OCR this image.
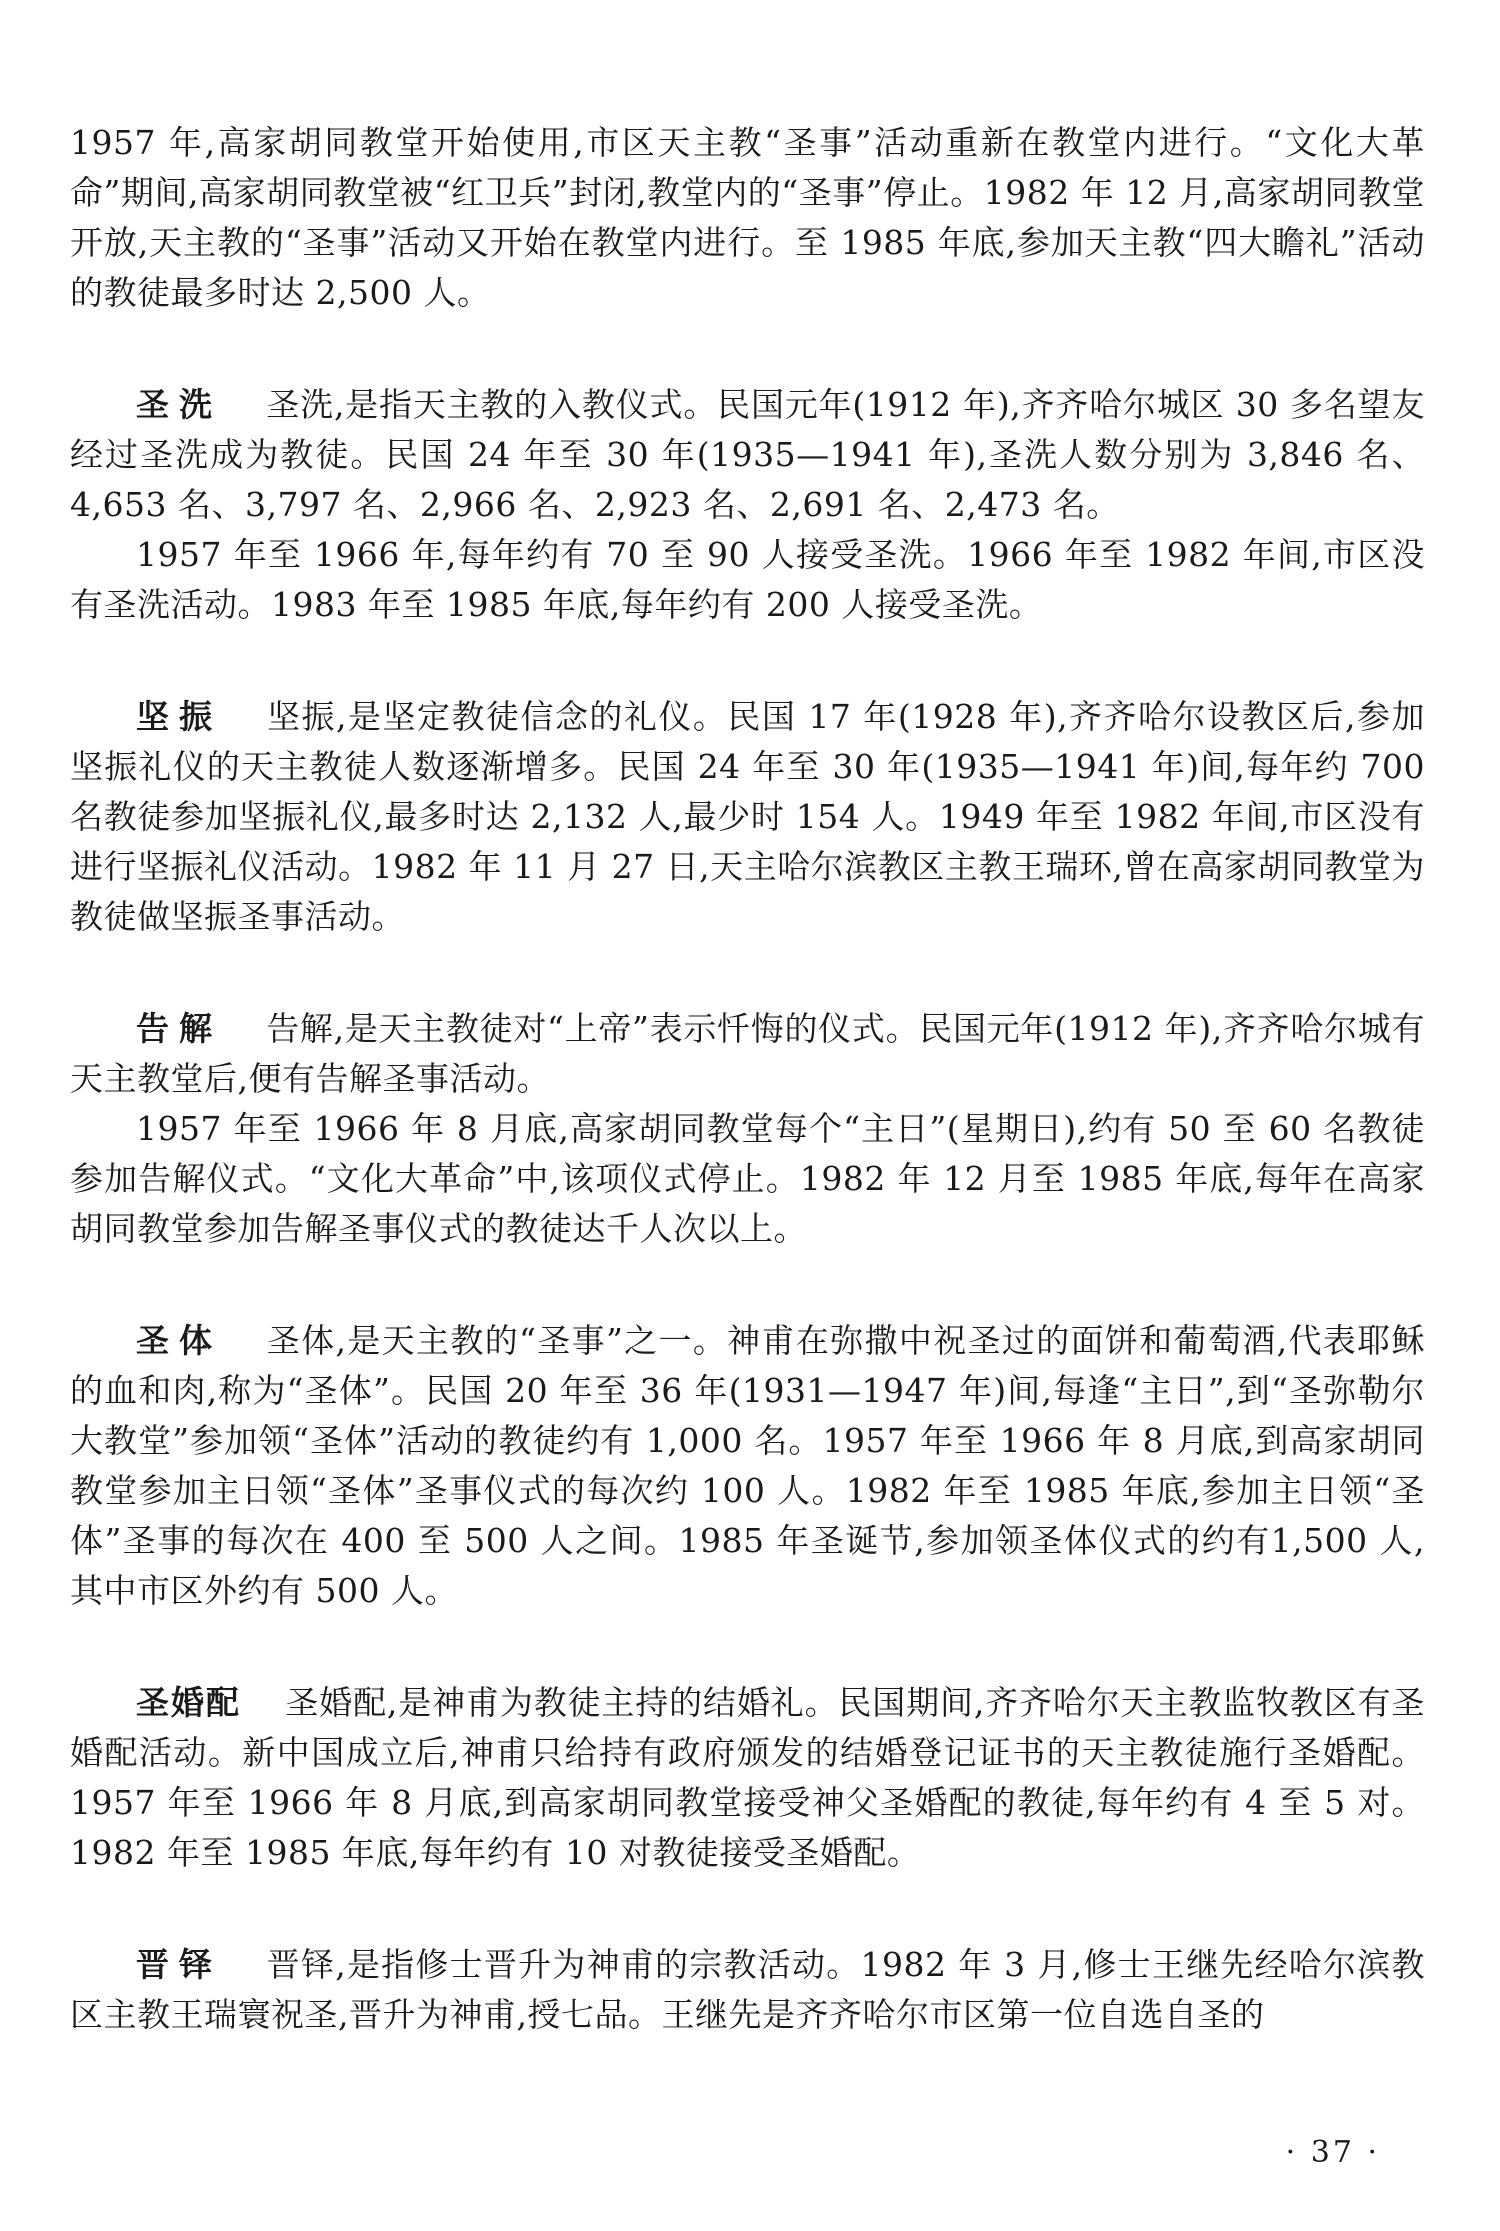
1957 年,高家胡同教堂开始使用,市区天主教“圣事”活动重新在教堂内进行。“文化大革命”期间,高家胡同教堂被“红卫兵”封闭,教堂内的“圣事”停止。1982 年 12 月,高家胡同教堂开放,天主教的“圣事”活动又开始在教堂内进行。至 1985 年底,参加天主教“四大瞻礼”活动的教徒最多时达 2,500 人。

圣洗 圣洗,是指天主教的入教仪式。民国元年(1912 年),齐齐哈尔城区 30 多名望友经过圣洗成为教徒。民国 24 年至 30 年(1935—1941 年),圣洗人数分别为 3,846 名、4,653 名、3,797 名、2,966 名、2,923 名、2,691 名、2,473 名。

1957 年至 1966 年,每年约有 70 至 90 人接受圣洗。1966 年至 1982 年间,市区没有圣洗活动。1983 年至 1985 年底,每年约有 200 人接受圣洗。

坚振 坚振,是坚定教徒信念的礼仪。民国 17 年(1928 年),齐齐哈尔设教区后,参加坚振礼仪的天主教徒人数逐渐增多。民国 24 年至 30 年(1935—1941 年)间,每年约 700 名教徒参加坚振礼仪,最多时达 2,132 人,最少时 154 人。1949 年至 1982 年间,市区没有进行坚振礼仪活动。1982 年 11 月 27 日,天主哈尔滨教区主教王瑞环,曾在高家胡同教堂为教徒做坚振圣事活动。

告解 告解,是天主教徒对“上帝”表示忏悔的仪式。民国元年(1912 年),齐齐哈尔城有天主教堂后,便有告解圣事活动。

1957 年至 1966 年 8 月底,高家胡同教堂每个“主日”(星期日),约有 50 至 60 名教徒参加告解仪式。“文化大革命”中,该项仪式停止。1982 年 12 月至 1985 年底,每年在高家胡同教堂参加告解圣事仪式的教徒达千人次以上。

圣体 圣体,是天主教的“圣事”之一。神甫在弥撒中祝圣过的面饼和葡萄酒,代表耶稣的血和肉,称为“圣体”。民国 20 年至 36 年(1931—1947 年)间,每逢“主日”,到“圣弥勒尔大教堂”参加领“圣体”活动的教徒约有 1,000 名。1957 年至 1966 年 8 月底,到高家胡同教堂参加主日领“圣体”圣事仪式的每次约 100 人。1982 年至 1985 年底,参加主日领“圣体”圣事的每次在 400 至 500 人之间。1985 年圣诞节,参加领圣体仪式的约有1,500 人,其中市区外约有 500 人。

圣婚配 圣婚配,是神甫为教徒主持的结婚礼。民国期间,齐齐哈尔天主教监牧教区有圣婚配活动。新中国成立后,神甫只给持有政府颁发的结婚登记证书的天主教徒施行圣婚配。1957 年至 1966 年 8 月底,到高家胡同教堂接受神父圣婚配的教徒,每年约有 4 至 5 对。1982 年至 1985 年底,每年约有 10 对教徒接受圣婚配。

晋铎 晋铎,是指修士晋升为神甫的宗教活动。1982 年 3 月,修士王继先经哈尔滨教区主教王瑞寰祝圣,晋升为神甫,授七品。王继先是齐齐哈尔市区第一位自选自圣的

· 37 ·
